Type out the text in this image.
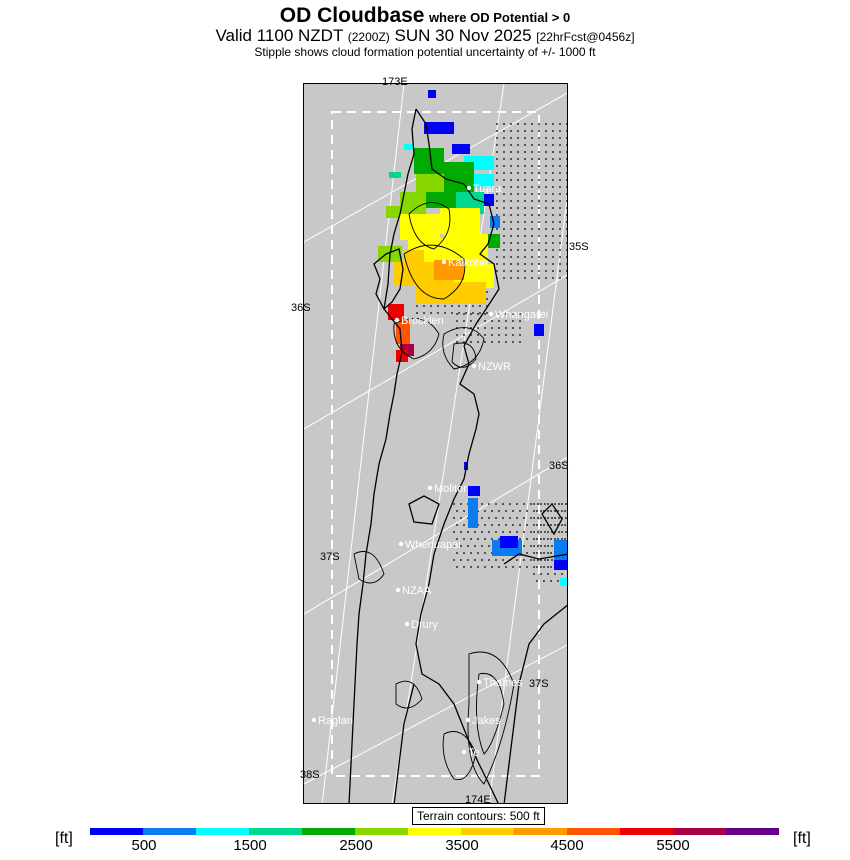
OD Cloudbase where OD Potential > 0
Valid 1100 NZDT (2200Z) SUN 30 Nov 2025 [22hrFcst@0456z]
Stipple shows cloud formation potential uncertainty of +/- 1000 ft
Tuara
Kaikohe
Whangarei
Brocklen
NZWR
Molitor
Whenuapai
NZAA
Drury
Thames
Raglan	Jakes
Te
173E
174E
35S
36S
36S
37S
37S
38S
Terrain contours: 500 ft
[ft]	[ft]
500	1500	2500	3500	4500	5500
